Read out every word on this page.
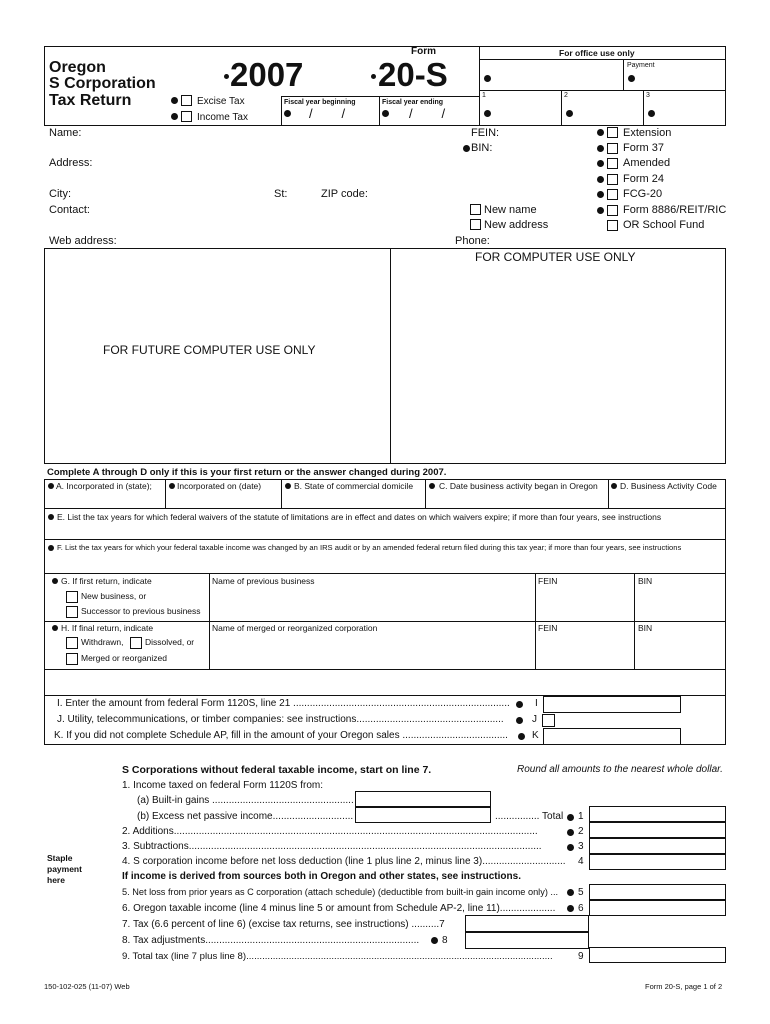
Oregon
S Corporation
Tax Return
2007
Form
20-S
Excise Tax
Income Tax
Fiscal year beginning
/        /
Fiscal year ending
/        /
For office use only
Payment
1	2	3
Name:
Address:
City:	St:	ZIP code:
Contact:
Web address:
FEIN:
BIN:
Phone:
New name
New address
Extension
Form 37
Amended
Form 24
FCG-20
Form 8886/REIT/RIC
OR School Fund
FOR FUTURE COMPUTER USE ONLY
FOR COMPUTER USE ONLY
Complete A through D only if this is your first return or the answer changed during 2007.
A. Incorporated in (state);	Incorporated on (date)	B. State of commercial domicile	C. Date business activity began in Oregon	D. Business Activity Code
E. List the tax years for which federal waivers of the statute of limitations are in effect and dates on which waivers expire; if more than four years, see instructions
F. List the tax years for which your federal taxable income was changed by an IRS audit or by an amended federal return filed during this tax year; if more than four years, see instructions
G. If first return, indicate
New business, or
Successor to previous business
Name of previous business	FEIN	BIN
H. If final return, indicate
Withdrawn,	Dissolved, or
Merged or reorganized
Name of merged or reorganized corporation	FEIN	BIN
I. Enter the amount from federal Form 1120S, line 21 ..............................................................................	I
J. Utility, telecommunications, or timber companies: see instructions.....................................................	J
K. If you did not complete Schedule AP, fill in the amount of your Oregon sales ...................................... K
S Corporations without federal taxable income, start on line 7.	Round all amounts to the nearest whole dollar.
Staple
payment
here
1. Income taxed on federal Form 1120S from:
(a) Built-in gains ...................................................
(b) Excess net passive income.............................	................ Total 1
2. Additions...................................................................................................................................	2
3. Subtractions...............................................................................................................................	3
4. S corporation income before net loss deduction (line 1 plus line 2, minus line 3).............................. 4
If income is derived from sources both in Oregon and other states, see instructions.
5. Net loss from prior years as C corporation (attach schedule) (deductible from built-in gain income only) ... 5
6. Oregon taxable income (line 4 minus line 5 or amount from Schedule AP-2, line 11).................... 6
7. Tax (6.6 percent of line 6) (excise tax returns, see instructions) ..........7
8. Tax adjustments............................................................................. 8
9. Total tax (line 7 plus line 8)...................................................................................................................	9
150-102-025 (11-07) Web	Form 20-S, page 1 of 2
